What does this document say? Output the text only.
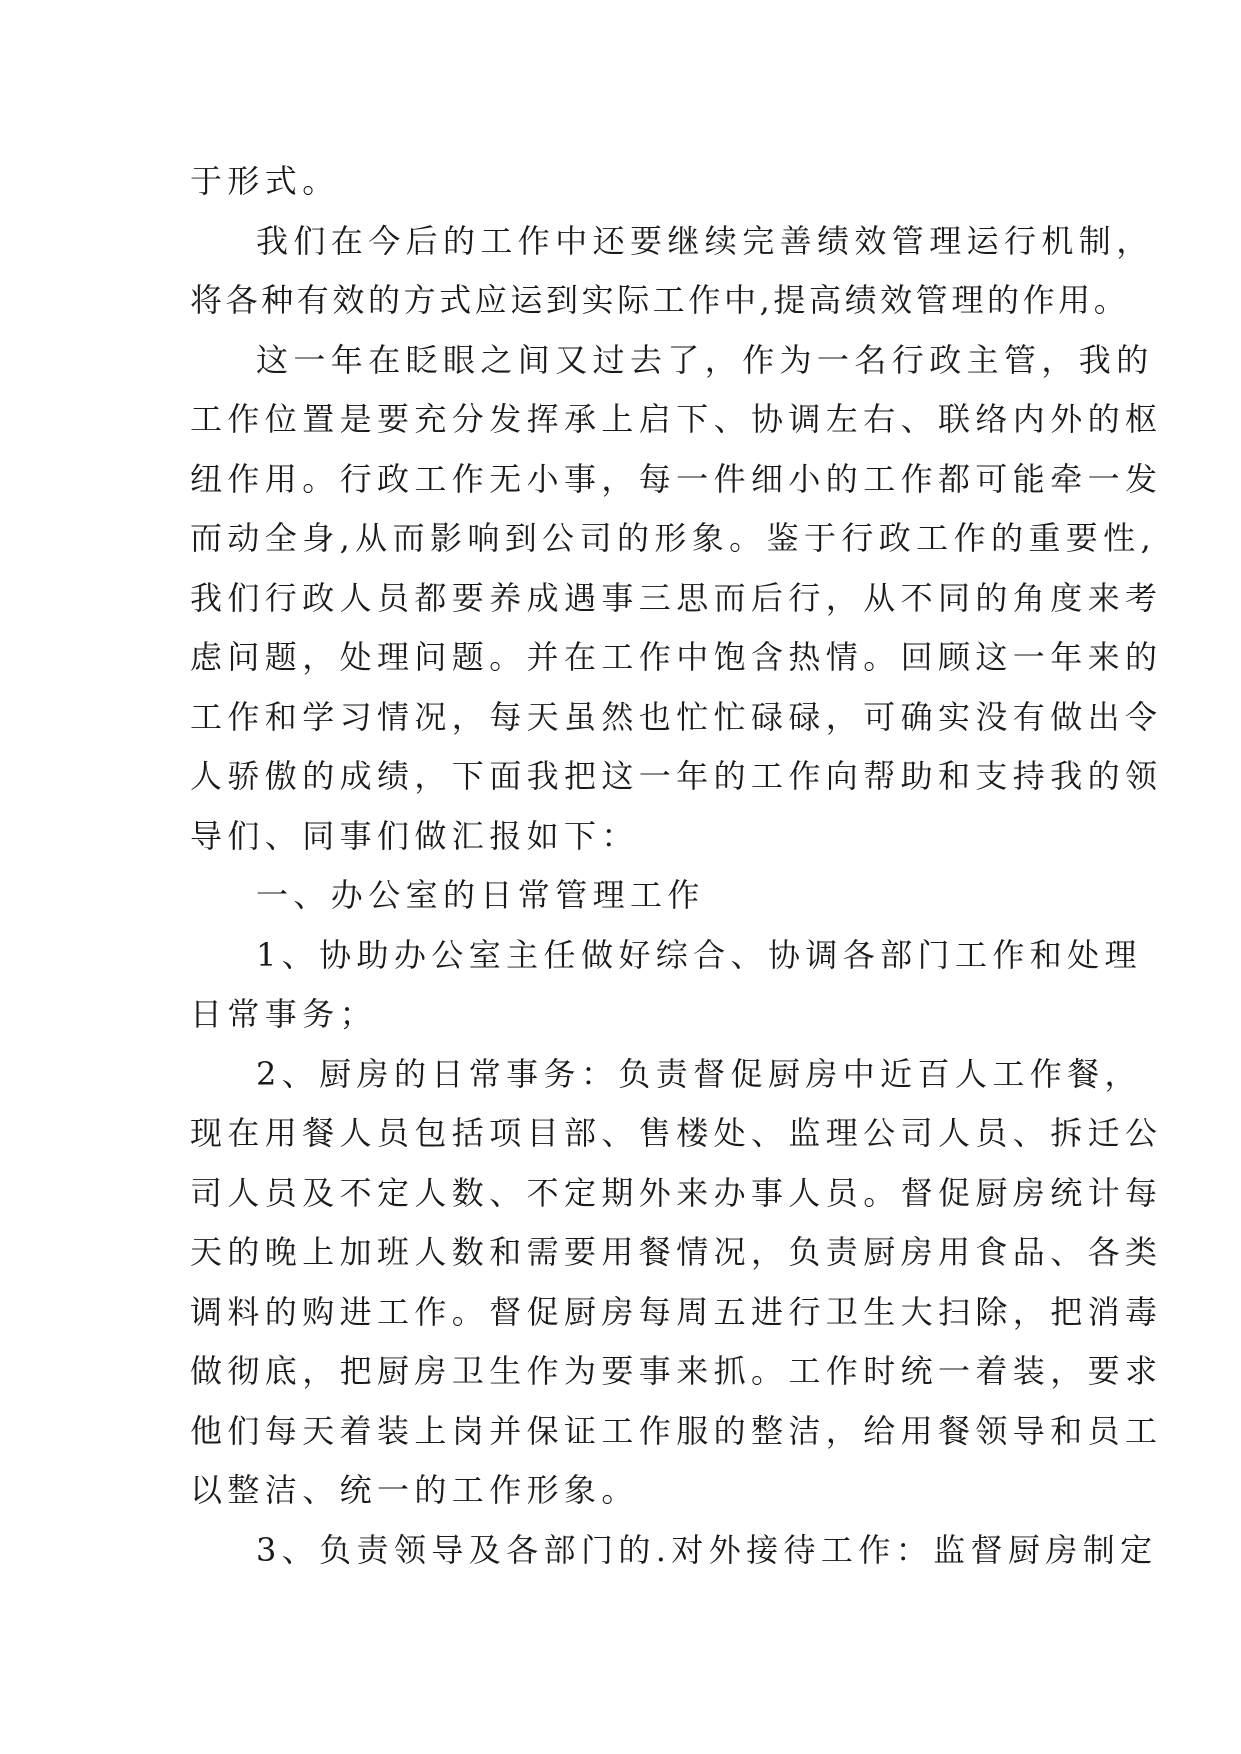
于形式。
我们在今后的工作中还要继续完善绩效管理运行机制，
将各种有效的方式应运到实际工作中,提高绩效管理的作用。
这一年在眨眼之间又过去了，作为一名行政主管，我的
工作位置是要充分发挥承上启下、协调左右、联络内外的枢
纽作用。行政工作无小事，每一件细小的工作都可能牵一发
而动全身,从而影响到公司的形象。鉴于行政工作的重要性,
我们行政人员都要养成遇事三思而后行，从不同的角度来考
虑问题，处理问题。并在工作中饱含热情。回顾这一年来的
工作和学习情况，每天虽然也忙忙碌碌，可确实没有做出令
人骄傲的成绩，下面我把这一年的工作向帮助和支持我的领
导们、同事们做汇报如下：
一、办公室的日常管理工作
1、协助办公室主任做好综合、协调各部门工作和处理
日常事务；
2、厨房的日常事务：负责督促厨房中近百人工作餐，
现在用餐人员包括项目部、售楼处、监理公司人员、拆迁公
司人员及不定人数、不定期外来办事人员。督促厨房统计每
天的晚上加班人数和需要用餐情况，负责厨房用食品、各类
调料的购进工作。督促厨房每周五进行卫生大扫除，把消毒
做彻底，把厨房卫生作为要事来抓。工作时统一着装，要求
他们每天着装上岗并保证工作服的整洁，给用餐领导和员工
以整洁、统一的工作形象。
3、负责领导及各部门的.对外接待工作：监督厨房制定
